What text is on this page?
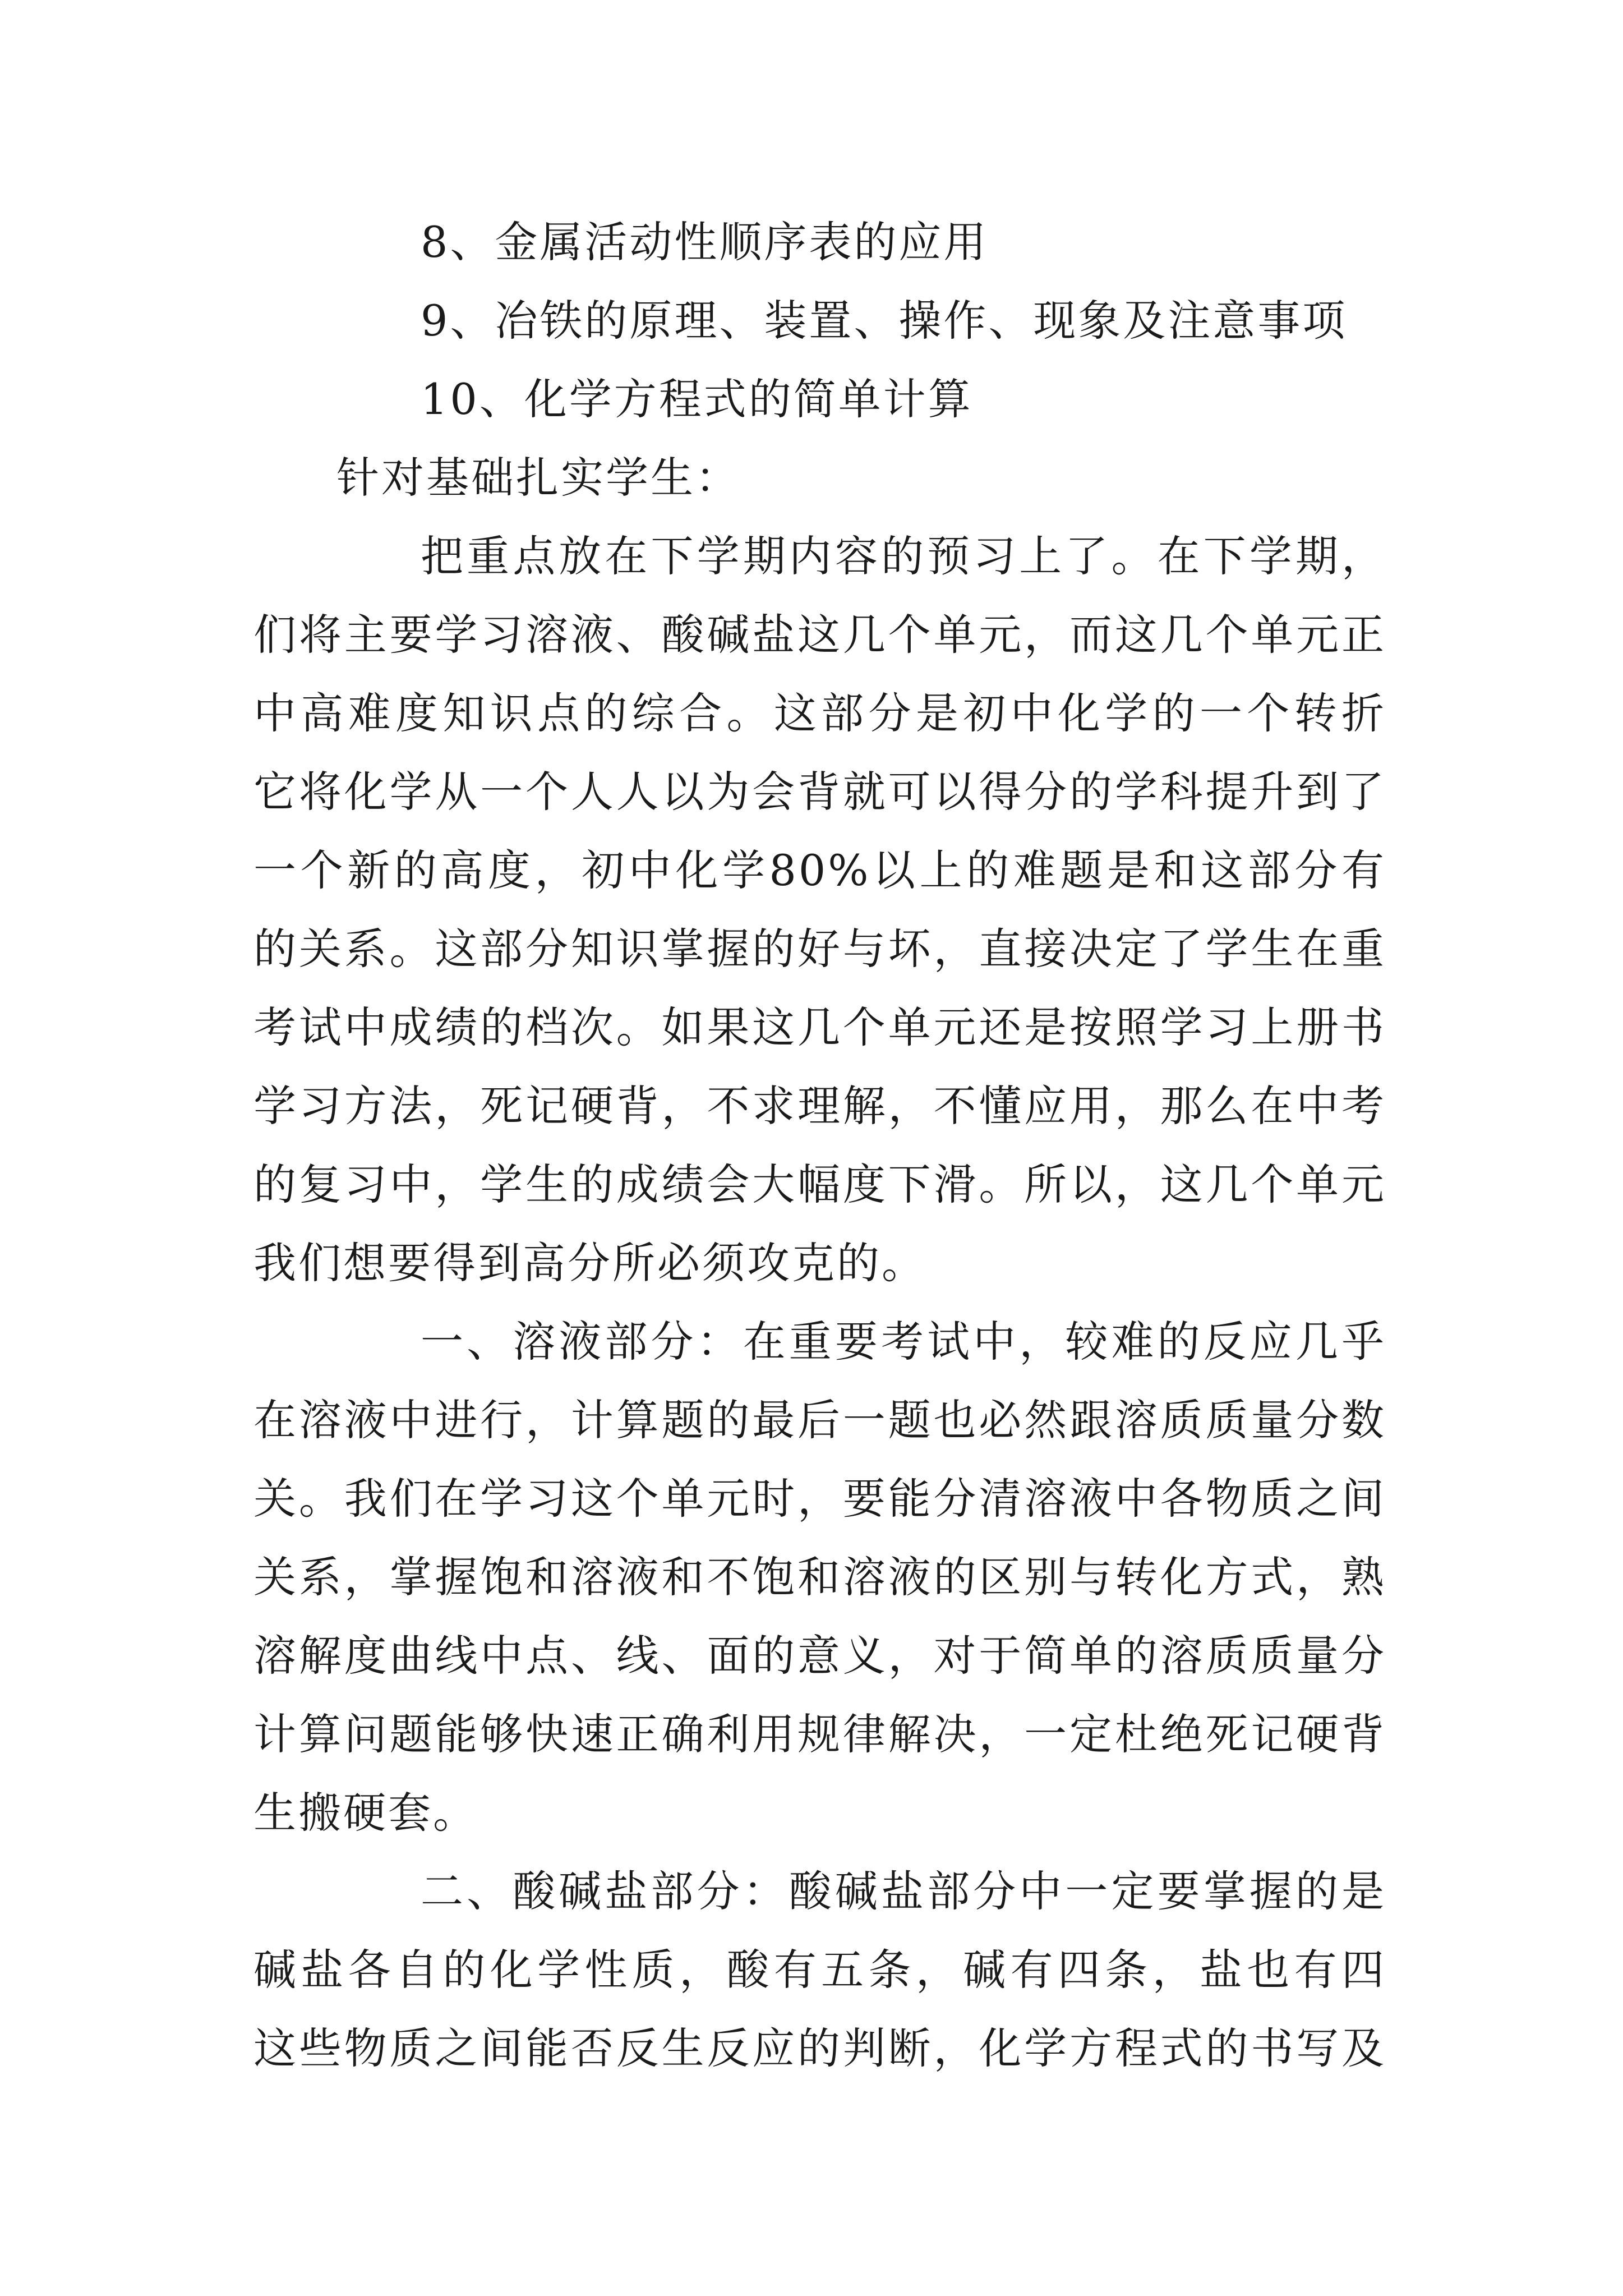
8、金属活动性顺序表的应用
9、冶铁的原理、装置、操作、现象及注意事项
10、化学方程式的简单计算
针对基础扎实学生：
把重点放在下学期内容的预习上了。在下学期，
们将主要学习溶液、酸碱盐这几个单元，而这几个单元正
中高难度知识点的综合。这部分是初中化学的一个转折
它将化学从一个人人以为会背就可以得分的学科提升到了
一个新的高度，初中化学80%以上的难题是和这部分有
的关系。这部分知识掌握的好与坏，直接决定了学生在重
考试中成绩的档次。如果这几个单元还是按照学习上册书
学习方法，死记硬背，不求理解，不懂应用，那么在中考
的复习中，学生的成绩会大幅度下滑。所以，这几个单元
我们想要得到高分所必须攻克的。
一、溶液部分：在重要考试中，较难的反应几乎
在溶液中进行，计算题的最后一题也必然跟溶质质量分数
关。我们在学习这个单元时，要能分清溶液中各物质之间
关系，掌握饱和溶液和不饱和溶液的区别与转化方式，熟
溶解度曲线中点、线、面的意义，对于简单的溶质质量分
计算问题能够快速正确利用规律解决，一定杜绝死记硬背
生搬硬套。
二、酸碱盐部分：酸碱盐部分中一定要掌握的是
碱盐各自的化学性质，酸有五条，碱有四条，盐也有四
这些物质之间能否反生反应的判断，化学方程式的书写及
